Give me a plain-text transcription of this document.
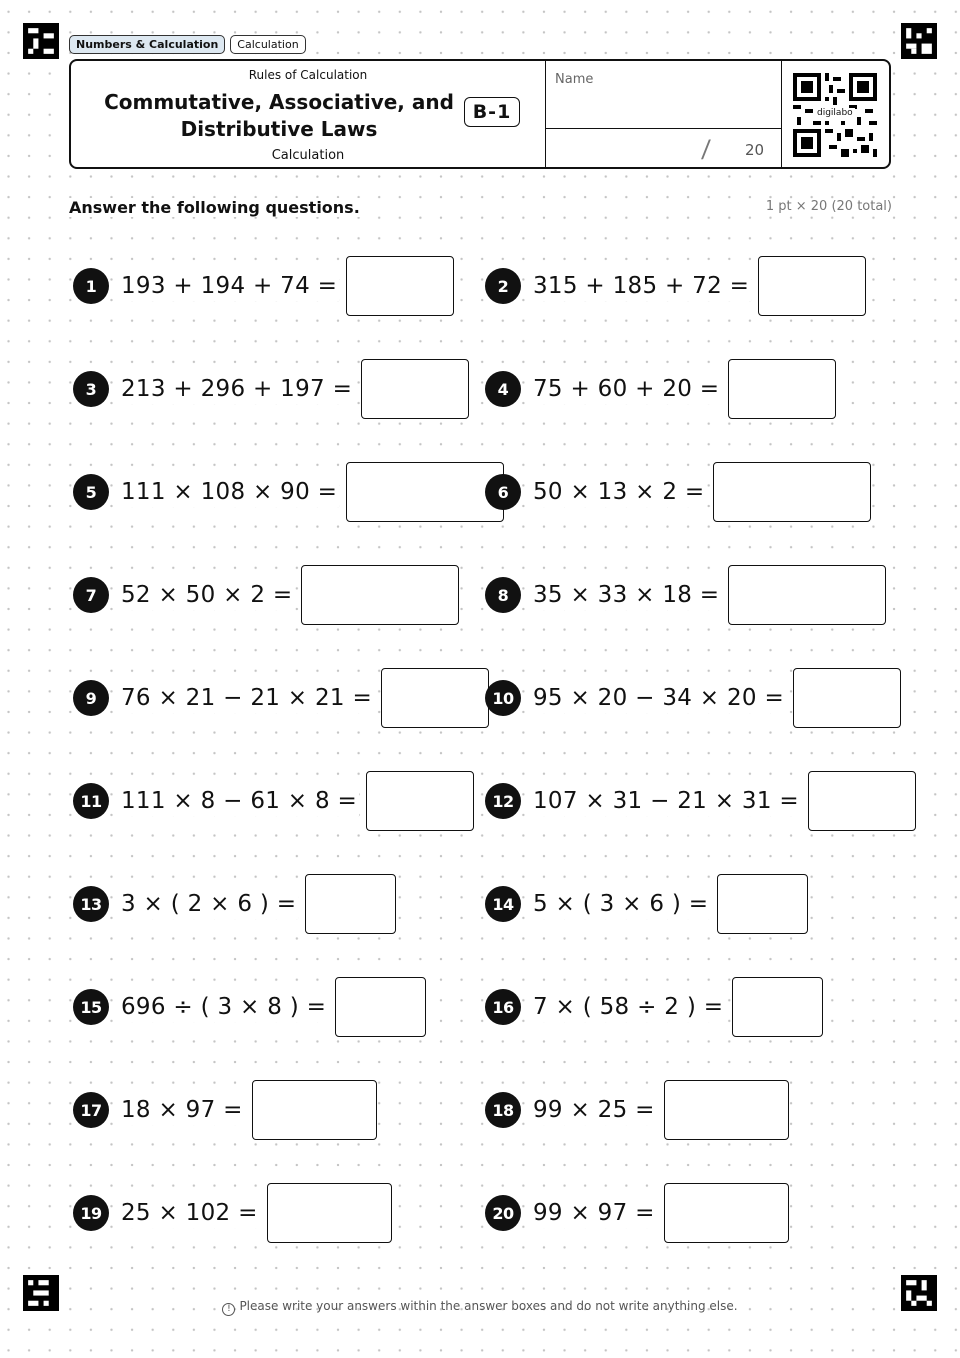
Numbers & Calculation	Calculation
Rules of Calculation
Commutative, Associative, and Distributive Laws
Calculation
B-1
Name
/ 20
digilabo
Answer the following questions.	1 pt × 20 (20 total)
1	193 + 194 + 74 =	2	315 + 185 + 72 =
3	213 + 296 + 197 =	4	75 + 60 + 20 =
5	111 × 108 × 90 =	6	50 × 13 × 2 =
7	52 × 50 × 2 =	8	35 × 33 × 18 =
9	76 × 21 − 21 × 21 =	10 95 × 20 − 34 × 20 =
11 111 × 8 − 61 × 8 =	12 107 × 31 − 21 × 31 =
13 3 × ( 2 × 6 ) =	14 5 × ( 3 × 6 ) =
15 696 ÷ ( 3 × 8 ) =	16 7 × ( 58 ÷ 2 ) =
17 18 × 97 =	18 99 × 25 =
19 25 × 102 =	20 99 × 97 =
! Please write your answers within the answer boxes and do not write anything else.
